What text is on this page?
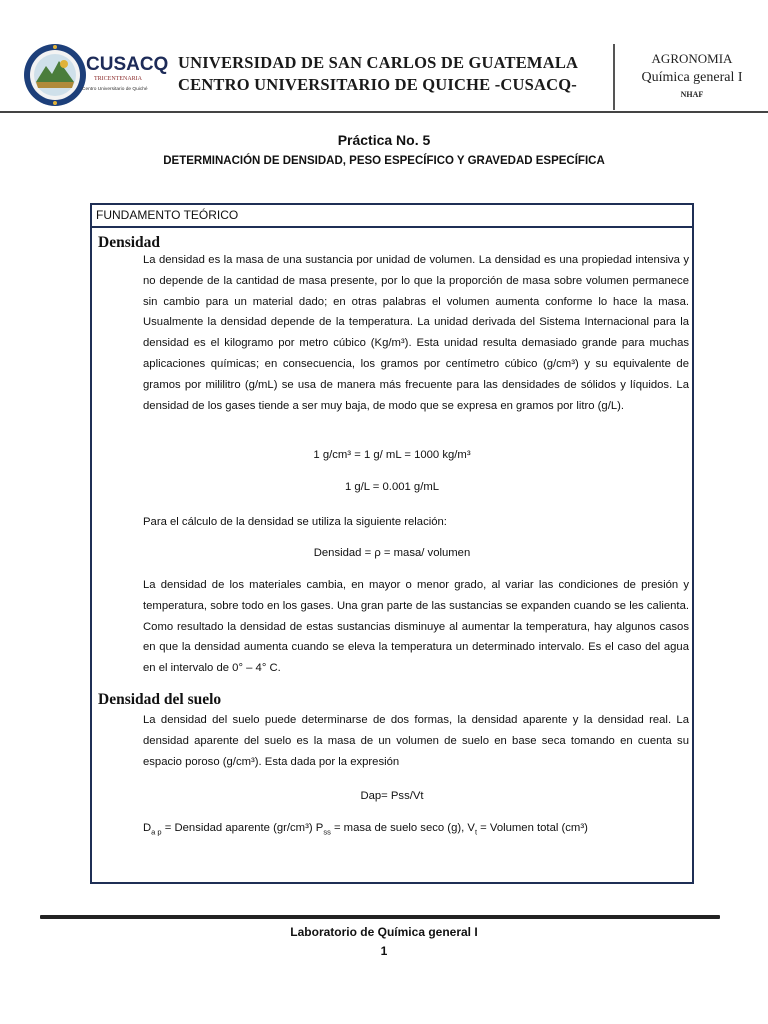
CUSACQ
TRICENTENARIA
Centro Universitario de Quiché
UNIVERSIDAD DE SAN CARLOS DE GUATEMALA
CENTRO UNIVERSITARIO DE QUICHE -CUSACQ-
AGRONOMIA
Química general I
NHAF
Práctica No. 5
DETERMINACIÓN DE DENSIDAD, PESO ESPECÍFICO Y GRAVEDAD ESPECÍFICA
FUNDAMENTO TEÓRICO
Densidad
La densidad es la masa de una sustancia por unidad de volumen. La densidad es una propiedad intensiva y no depende de la cantidad de masa presente, por lo que la proporción de masa sobre volumen permanece sin cambio para un material dado; en otras palabras el volumen aumenta conforme lo hace la masa. Usualmente la densidad depende de la temperatura. La unidad derivada del Sistema Internacional para la densidad es el kilogramo por metro cúbico (Kg/m³). Esta unidad resulta demasiado grande para muchas aplicaciones químicas; en consecuencia, los gramos por centímetro cúbico (g/cm³) y su equivalente de gramos por mililitro (g/mL) se usa de manera más frecuente para las densidades de sólidos y líquidos. La densidad de los gases tiende a ser muy baja, de modo que se expresa en gramos por litro (g/L).
1 g/cm³ = 1 g/ mL = 1000 kg/m³
1 g/L = 0.001 g/mL
Para el cálculo de la densidad se utiliza la siguiente relación:
Densidad = ρ = masa/ volumen
La densidad de los materiales cambia, en mayor o menor grado, al variar las condiciones de presión y temperatura, sobre todo en los gases. Una gran parte de las sustancias se expanden cuando se les calienta. Como resultado la densidad de estas sustancias disminuye al aumentar la temperatura, hay algunos casos en que la densidad aumenta cuando se eleva la temperatura un determinado intervalo. Es el caso del agua en el intervalo de 0° – 4° C.
Densidad del suelo
La densidad del suelo puede determinarse de dos formas, la densidad aparente y la densidad real. La densidad aparente del suelo es la masa de un volumen de suelo en base seca tomando en cuenta su espacio poroso (g/cm³). Esta dada por la expresión
Dap= Pss/Vt
$D_{a p}$ = Densidad aparente (gr/cm³) $P_{ss}$ = masa de suelo seco (g), $V_t$ = Volumen total (cm³)
Laboratorio de Química general I
1
